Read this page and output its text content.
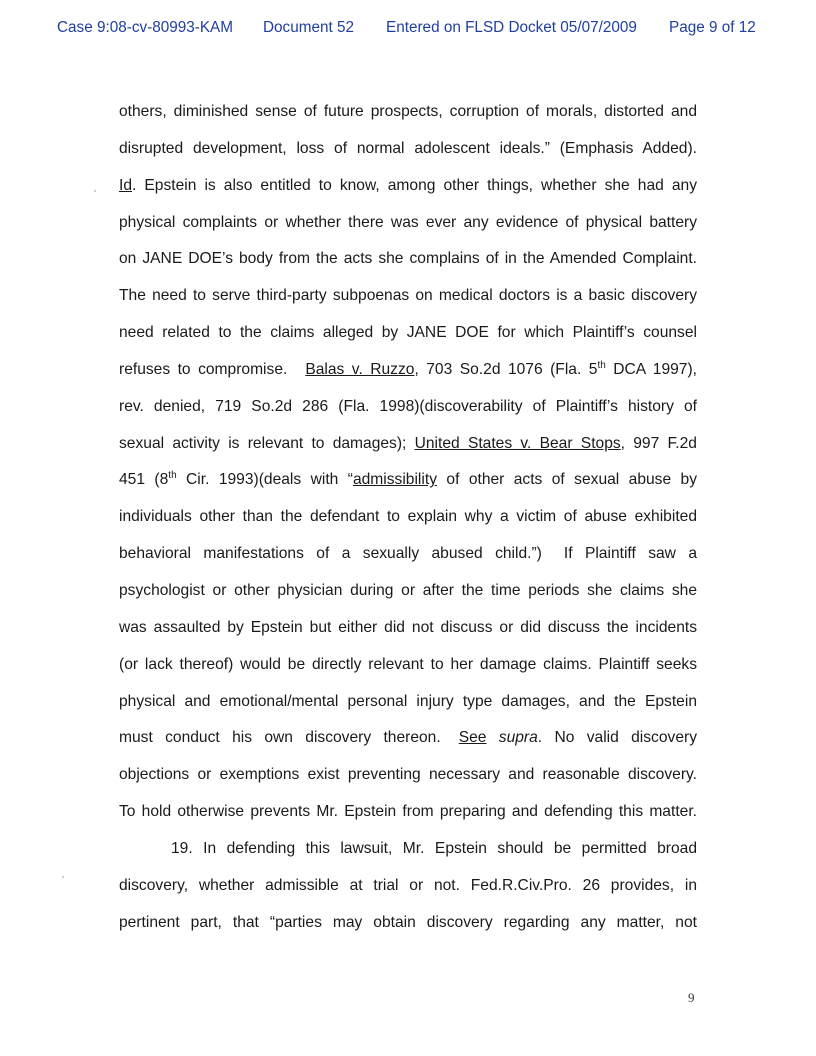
Case 9:08-cv-80993-KAM Document 52 Entered on FLSD Docket 05/07/2009 Page 9 of 12
others, diminished sense of future prospects, corruption of morals, distorted and
disrupted development, loss of normal adolescent ideals.” (Emphasis Added).
Id. Epstein is also entitled to know, among other things, whether she had any
physical complaints or whether there was ever any evidence of physical battery
on JANE DOE’s body from the acts she complains of in the Amended Complaint.
The need to serve third-party subpoenas on medical doctors is a basic discovery
need related to the claims alleged by JANE DOE for which Plaintiff’s counsel
refuses to compromise. Balas v. Ruzzo, 703 So.2d 1076 (Fla. 5th DCA 1997),
rev. denied, 719 So.2d 286 (Fla. 1998)(discoverability of Plaintiff’s history of
sexual activity is relevant to damages); United States v. Bear Stops, 997 F.2d
451 (8th Cir. 1993)(deals with “admissibility of other acts of sexual abuse by
individuals other than the defendant to explain why a victim of abuse exhibited
behavioral manifestations of a sexually abused child.”) If Plaintiff saw a
psychologist or other physician during or after the time periods she claims she
was assaulted by Epstein but either did not discuss or did discuss the incidents
(or lack thereof) would be directly relevant to her damage claims. Plaintiff seeks
physical and emotional/mental personal injury type damages, and the Epstein
must conduct his own discovery thereon. See supra. No valid discovery
objections or exemptions exist preventing necessary and reasonable discovery.
To hold otherwise prevents Mr. Epstein from preparing and defending this matter.
19. In defending this lawsuit, Mr. Epstein should be permitted broad
discovery, whether admissible at trial or not. Fed.R.Civ.Pro. 26 provides, in
pertinent part, that “parties may obtain discovery regarding any matter, not
9
